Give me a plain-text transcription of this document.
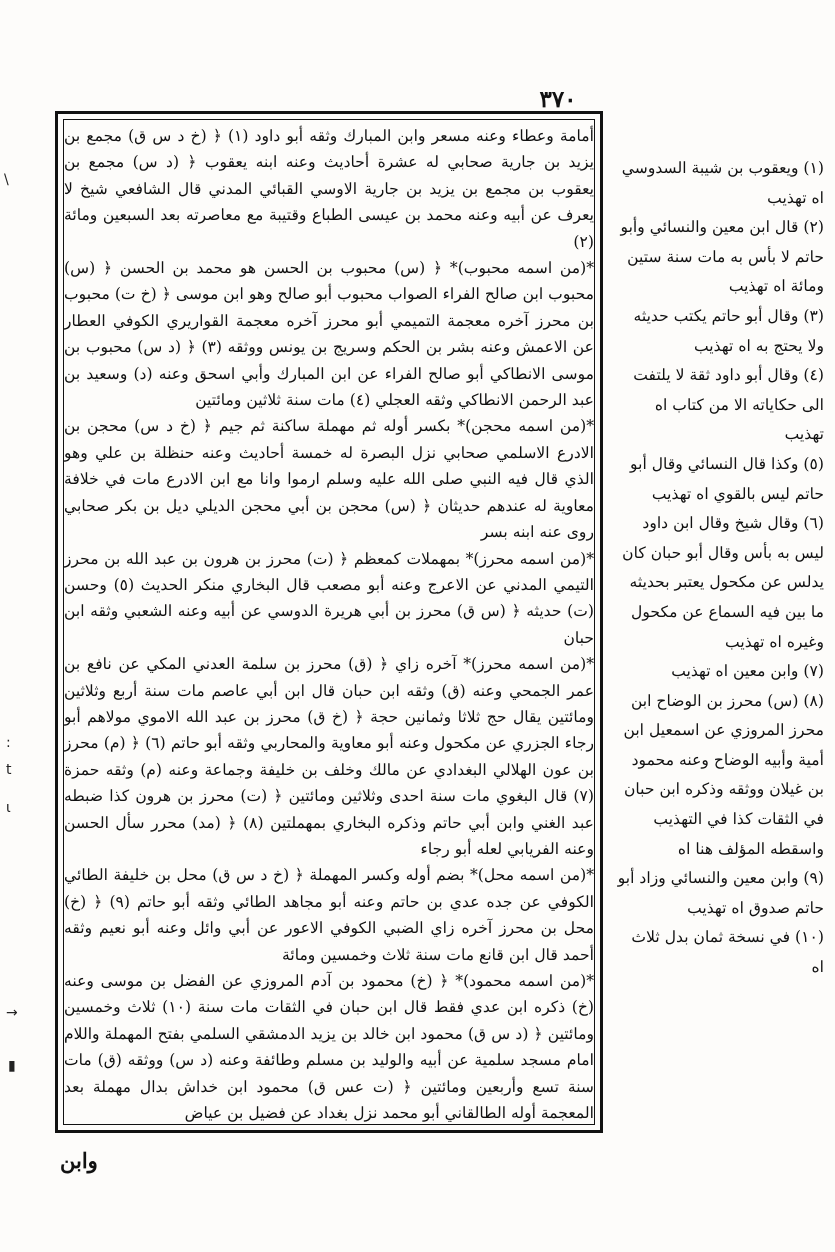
٣٧٠

أمامة وعطاء وعنه مسعر وابن المبارك وثقه أبو داود (١) ﴿ (خ د س ق) مجمع بن يزيد بن جارية صحابي له عشرة أحاديث وعنه ابنه يعقوب ﴿ (د س) مجمع بن يعقوب بن مجمع بن يزيد بن جارية الاوسي القبائي المدني قال الشافعي شيخ لا يعرف عن أبيه وعنه محمد بن عيسى الطباع وقتيبة مع معاصرته بعد السبعين ومائة (٢)

*(من اسمه محبوب)* ﴿ (س) محبوب بن الحسن هو محمد بن الحسن ﴿ (س) محبوب ابن صالح الفراء الصواب محبوب أبو صالح وهو ابن موسى ﴿ (خ ت) محبوب بن محرز آخره معجمة التميمي أبو محرز آخره معجمة القواريري الكوفي العطار عن الاعمش وعنه بشر بن الحكم وسريج بن يونس ووثقه (٣) ﴿ (د س) محبوب بن موسى الانطاكي أبو صالح الفراء عن ابن المبارك وأبي اسحق وعنه (د) وسعيد بن عبد الرحمن الانطاكي وثقه العجلي (٤) مات سنة ثلاثين ومائتين

*(من اسمه محجن)* بكسر أوله ثم مهملة ساكنة ثم جيم ﴿ (خ د س) محجن بن الادرع الاسلمي صحابي نزل البصرة له خمسة أحاديث وعنه حنظلة بن علي وهو الذي قال فيه النبي صلى الله عليه وسلم ارموا وانا مع ابن الادرع مات في خلافة معاوية له عندهم حديثان ﴿ (س) محجن بن أبي محجن الديلي ديل بن بكر صحابي روى عنه ابنه بسر

*(من اسمه محرز)* بمهملات كمعظم ﴿ (ت) محرز بن هرون بن عبد الله بن محرز التيمي المدني عن الاعرج وعنه أبو مصعب قال البخاري منكر الحديث (٥) وحسن (ت) حديثه ﴿ (س ق) محرز بن أبي هريرة الدوسي عن أبيه وعنه الشعبي وثقه ابن حبان

*(من اسمه محرز)* آخره زاي ﴿ (ق) محرز بن سلمة العدني المكي عن نافع بن عمر الجمحي وعنه (ق) وثقه ابن حبان قال ابن أبي عاصم مات سنة أربع وثلاثين ومائتين يقال حج ثلاثا وثمانين حجة ﴿ (خ ق) محرز بن عبد الله الاموي مولاهم أبو رجاء الجزري عن مكحول وعنه أبو معاوية والمحاربي وثقه أبو حاتم (٦) ﴿ (م) محرز بن عون الهلالي البغدادي عن مالك وخلف بن خليفة وجماعة وعنه (م) وثقه حمزة (٧) قال البغوي مات سنة احدى وثلاثين ومائتين ﴿ (ت) محرز بن هرون كذا ضبطه عبد الغني وابن أبي حاتم وذكره البخاري بمهملتين (٨) ﴿ (مد) محرر سأل الحسن وعنه الفريابي لعله أبو رجاء

*(من اسمه محل)* بضم أوله وكسر المهملة ﴿ (خ د س ق) محل بن خليفة الطائي الكوفي عن جده عدي بن حاتم وعنه أبو مجاهد الطائي وثقه أبو حاتم (٩) ﴿ (خ) محل بن محرز آخره زاي الضبي الكوفي الاعور عن أبي وائل وعنه أبو نعيم وثقه أحمد قال ابن قانع مات سنة ثلاث وخمسين ومائة

*(من اسمه محمود)* ﴿ (خ) محمود بن آدم المروزي عن الفضل بن موسى وعنه (خ) ذكره ابن عدي فقط قال ابن حبان في الثقات مات سنة (١٠) ثلاث وخمسين ومائتين ﴿ (د س ق) محمود ابن خالد بن يزيد الدمشقي السلمي بفتح المهملة واللام امام مسجد سلمية عن أبيه والوليد بن مسلم وطائفة وعنه (د س) ووثقه (ق) مات سنة تسع وأربعين ومائتين ﴿ (ت عس ق) محمود ابن خداش بدال مهملة بعد المعجمة أوله الطالقاني أبو محمد نزل بغداد عن فضيل بن عياض

(١) ويعقوب بن شيبة السدوسي اه تهذيب

(٢) قال ابن معين والنسائي وأبو حاتم لا بأس به مات سنة ستين ومائة اه تهذيب

(٣) وقال أبو حاتم يكتب حديثه ولا يحتج به اه تهذيب

(٤) وقال أبو داود ثقة لا يلتفت الى حكاياته الا من كتاب اه تهذيب

(٥) وكذا قال النسائي وقال أبو حاتم ليس بالقوي اه تهذيب

(٦) وقال شيخ وقال ابن داود ليس به بأس وقال أبو حبان كان يدلس عن مكحول يعتبر بحديثه ما بين فيه السماع عن مكحول وغيره اه تهذيب

(٧) وابن معين اه تهذيب

(٨) (س) محرز بن الوضاح ابن محرز المروزي عن اسمعيل ابن أمية وأبيه الوضاح وعنه محمود بن غيلان ووثقه وذكره ابن حبان في الثقات كذا في التهذيب واسقطه المؤلف هنا اه

(٩) وابن معين والنسائي وزاد أبو حاتم صدوق اه تهذيب

(١٠) في نسخة ثمان بدل ثلاث اه

وابن
\
:
t
ι
→
▮
